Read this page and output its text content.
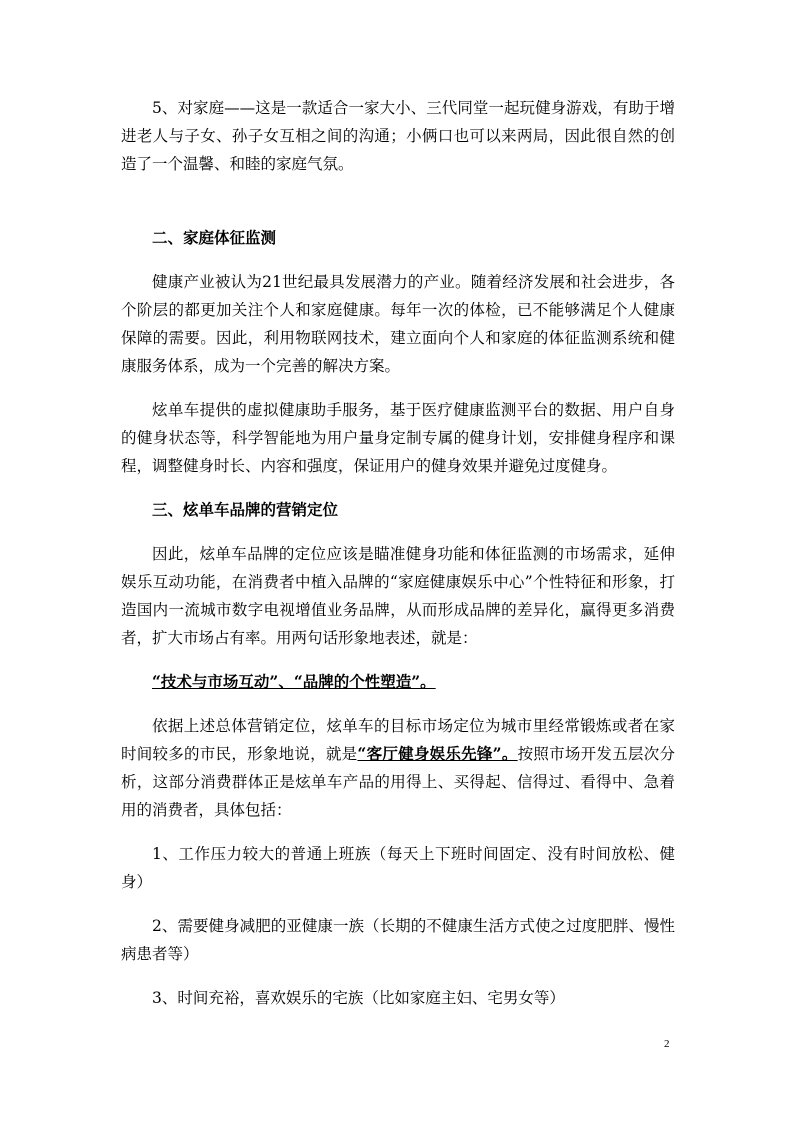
5、对家庭——这是一款适合一家大小、三代同堂一起玩健身游戏，有助于增进老人与子女、孙子女互相之间的沟通；小俩口也可以来两局，因此很自然的创造了一个温馨、和睦的家庭气氛。

二、家庭体征监测

健康产业被认为21世纪最具发展潜力的产业。随着经济发展和社会进步，各个阶层的都更加关注个人和家庭健康。每年一次的体检，已不能够满足个人健康保障的需要。因此，利用物联网技术，建立面向个人和家庭的体征监测系统和健康服务体系，成为一个完善的解决方案。

炫单车提供的虚拟健康助手服务，基于医疗健康监测平台的数据、用户自身的健身状态等，科学智能地为用户量身定制专属的健身计划，安排健身程序和课程，调整健身时长、内容和强度，保证用户的健身效果并避免过度健身。

三、炫单车品牌的营销定位

因此，炫单车品牌的定位应该是瞄准健身功能和体征监测的市场需求，延伸娱乐互动功能，在消费者中植入品牌的“家庭健康娱乐中心”个性特征和形象，打造国内一流城市数字电视增值业务品牌，从而形成品牌的差异化，赢得更多消费者，扩大市场占有率。用两句话形象地表述，就是：

“技术与市场互动”、“品牌的个性塑造”。

依据上述总体营销定位，炫单车的目标市场定位为城市里经常锻炼或者在家时间较多的市民，形象地说，就是“客厅健身娱乐先锋”。按照市场开发五层次分析，这部分消费群体正是炫单车产品的用得上、买得起、信得过、看得中、急着用的消费者，具体包括：

1、工作压力较大的普通上班族（每天上下班时间固定、没有时间放松、健身）

2、需要健身减肥的亚健康一族（长期的不健康生活方式使之过度肥胖、慢性病患者等）

3、时间充裕，喜欢娱乐的宅族（比如家庭主妇、宅男女等）

2
